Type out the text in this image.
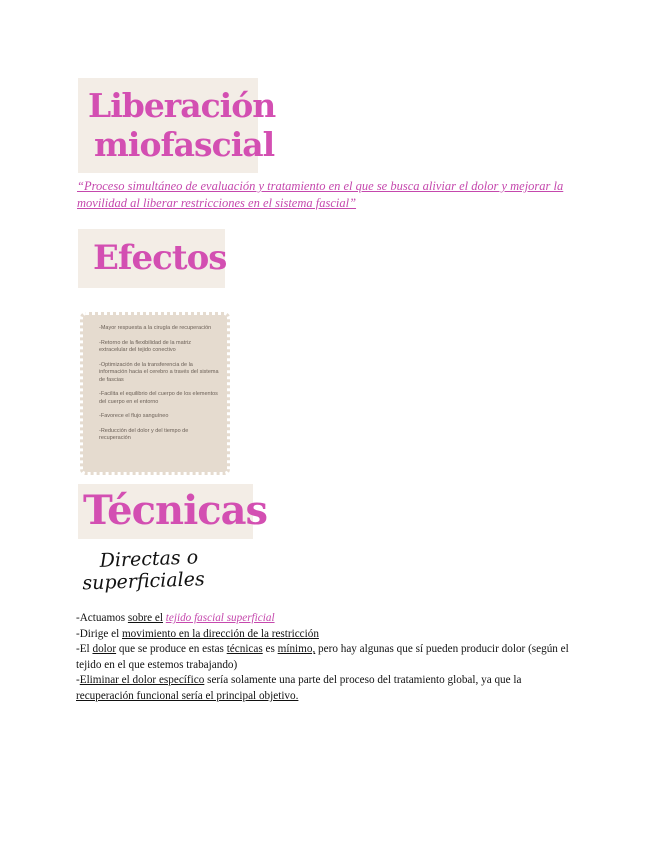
Liberación
miofascial
“Proceso simultáneo de evaluación y tratamiento en el que se busca aliviar el dolor y mejorar la movilidad al liberar restricciones en el sistema fascial”
Efectos
-Mayor respuesta a la cirugía de recuperación
-Retorno de la flexibilidad de la matriz extracelular del tejido conectivo
-Optimización de la transferencia de la información hacia el cerebro a través del sistema de fascias
-Facilita el equilibrio del cuerpo de los elementos del cuerpo en el entorno
-Favorece el flujo sanguíneo
-Reducción del dolor y del tiempo de recuperación
Técnicas
Directas o
superficiales

-Actuamos sobre el tejido fascial superficial

-Dirige el movimiento en la dirección de la restricción

-El dolor que se produce en estas técnicas es mínimo, pero hay algunas que sí pueden producir dolor (según el tejido en el que estemos trabajando)

-Eliminar el dolor específico sería solamente una parte del proceso del tratamiento global, ya que la recuperación funcional sería el principal objetivo.
